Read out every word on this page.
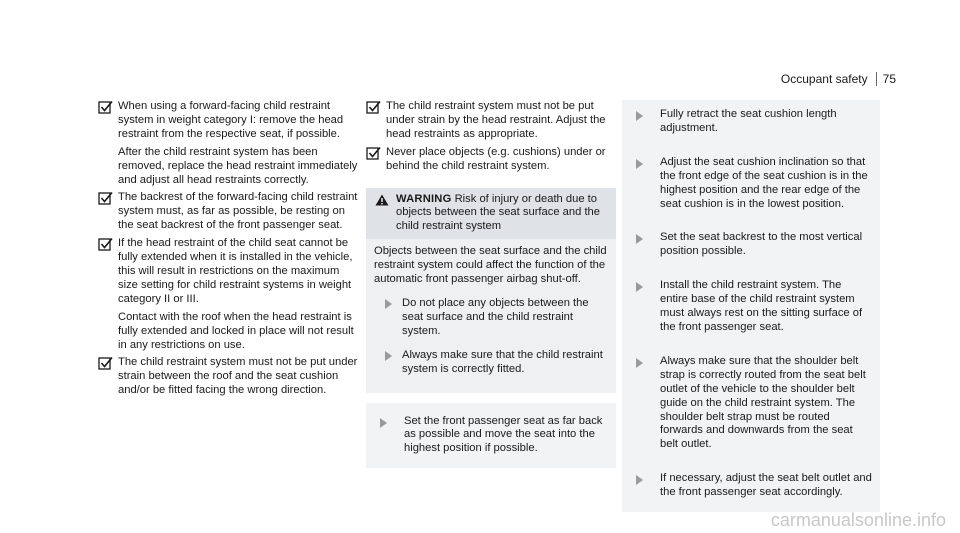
Occupant safety 75
When using a forward-facing child restraint system in weight category I: remove the head restraint from the respective seat, if possible.
After the child restraint system has been removed, replace the head restraint immediately and adjust all head restraints correctly.
The backrest of the forward-facing child restraint system must, as far as possible, be resting on the seat backrest of the front passenger seat.
If the head restraint of the child seat cannot be fully extended when it is installed in the vehicle, this will result in restrictions on the maximum size setting for child restraint systems in weight category II or III.
Contact with the roof when the head restraint is fully extended and locked in place will not result in any restrictions on use.
The child restraint system must not be put under strain between the roof and the seat cushion and/or be fitted facing the wrong direction.
The child restraint system must not be put under strain by the head restraint. Adjust the head restraints as appropriate.
Never place objects (e.g. cushions) under or behind the child restraint system.
WARNING Risk of injury or death due to objects between the seat surface and the child restraint system

Objects between the seat surface and the child restraint system could affect the function of the automatic front passenger airbag shut-off.

Do not place any objects between the seat surface and the child restraint system.
Always make sure that the child restraint system is correctly fitted.
Set the front passenger seat as far back as possible and move the seat into the highest position if possible.
Fully retract the seat cushion length adjustment.
Adjust the seat cushion inclination so that the front edge of the seat cushion is in the highest position and the rear edge of the seat cushion is in the lowest position.
Set the seat backrest to the most vertical position possible.
Install the child restraint system. The entire base of the child restraint system must always rest on the sitting surface of the front passenger seat.
Always make sure that the shoulder belt strap is correctly routed from the seat belt outlet of the vehicle to the shoulder belt guide on the child restraint system. The shoulder belt strap must be routed forwards and downwards from the seat belt outlet.
If necessary, adjust the seat belt outlet and the front passenger seat accordingly.
carmanualsonline.info
